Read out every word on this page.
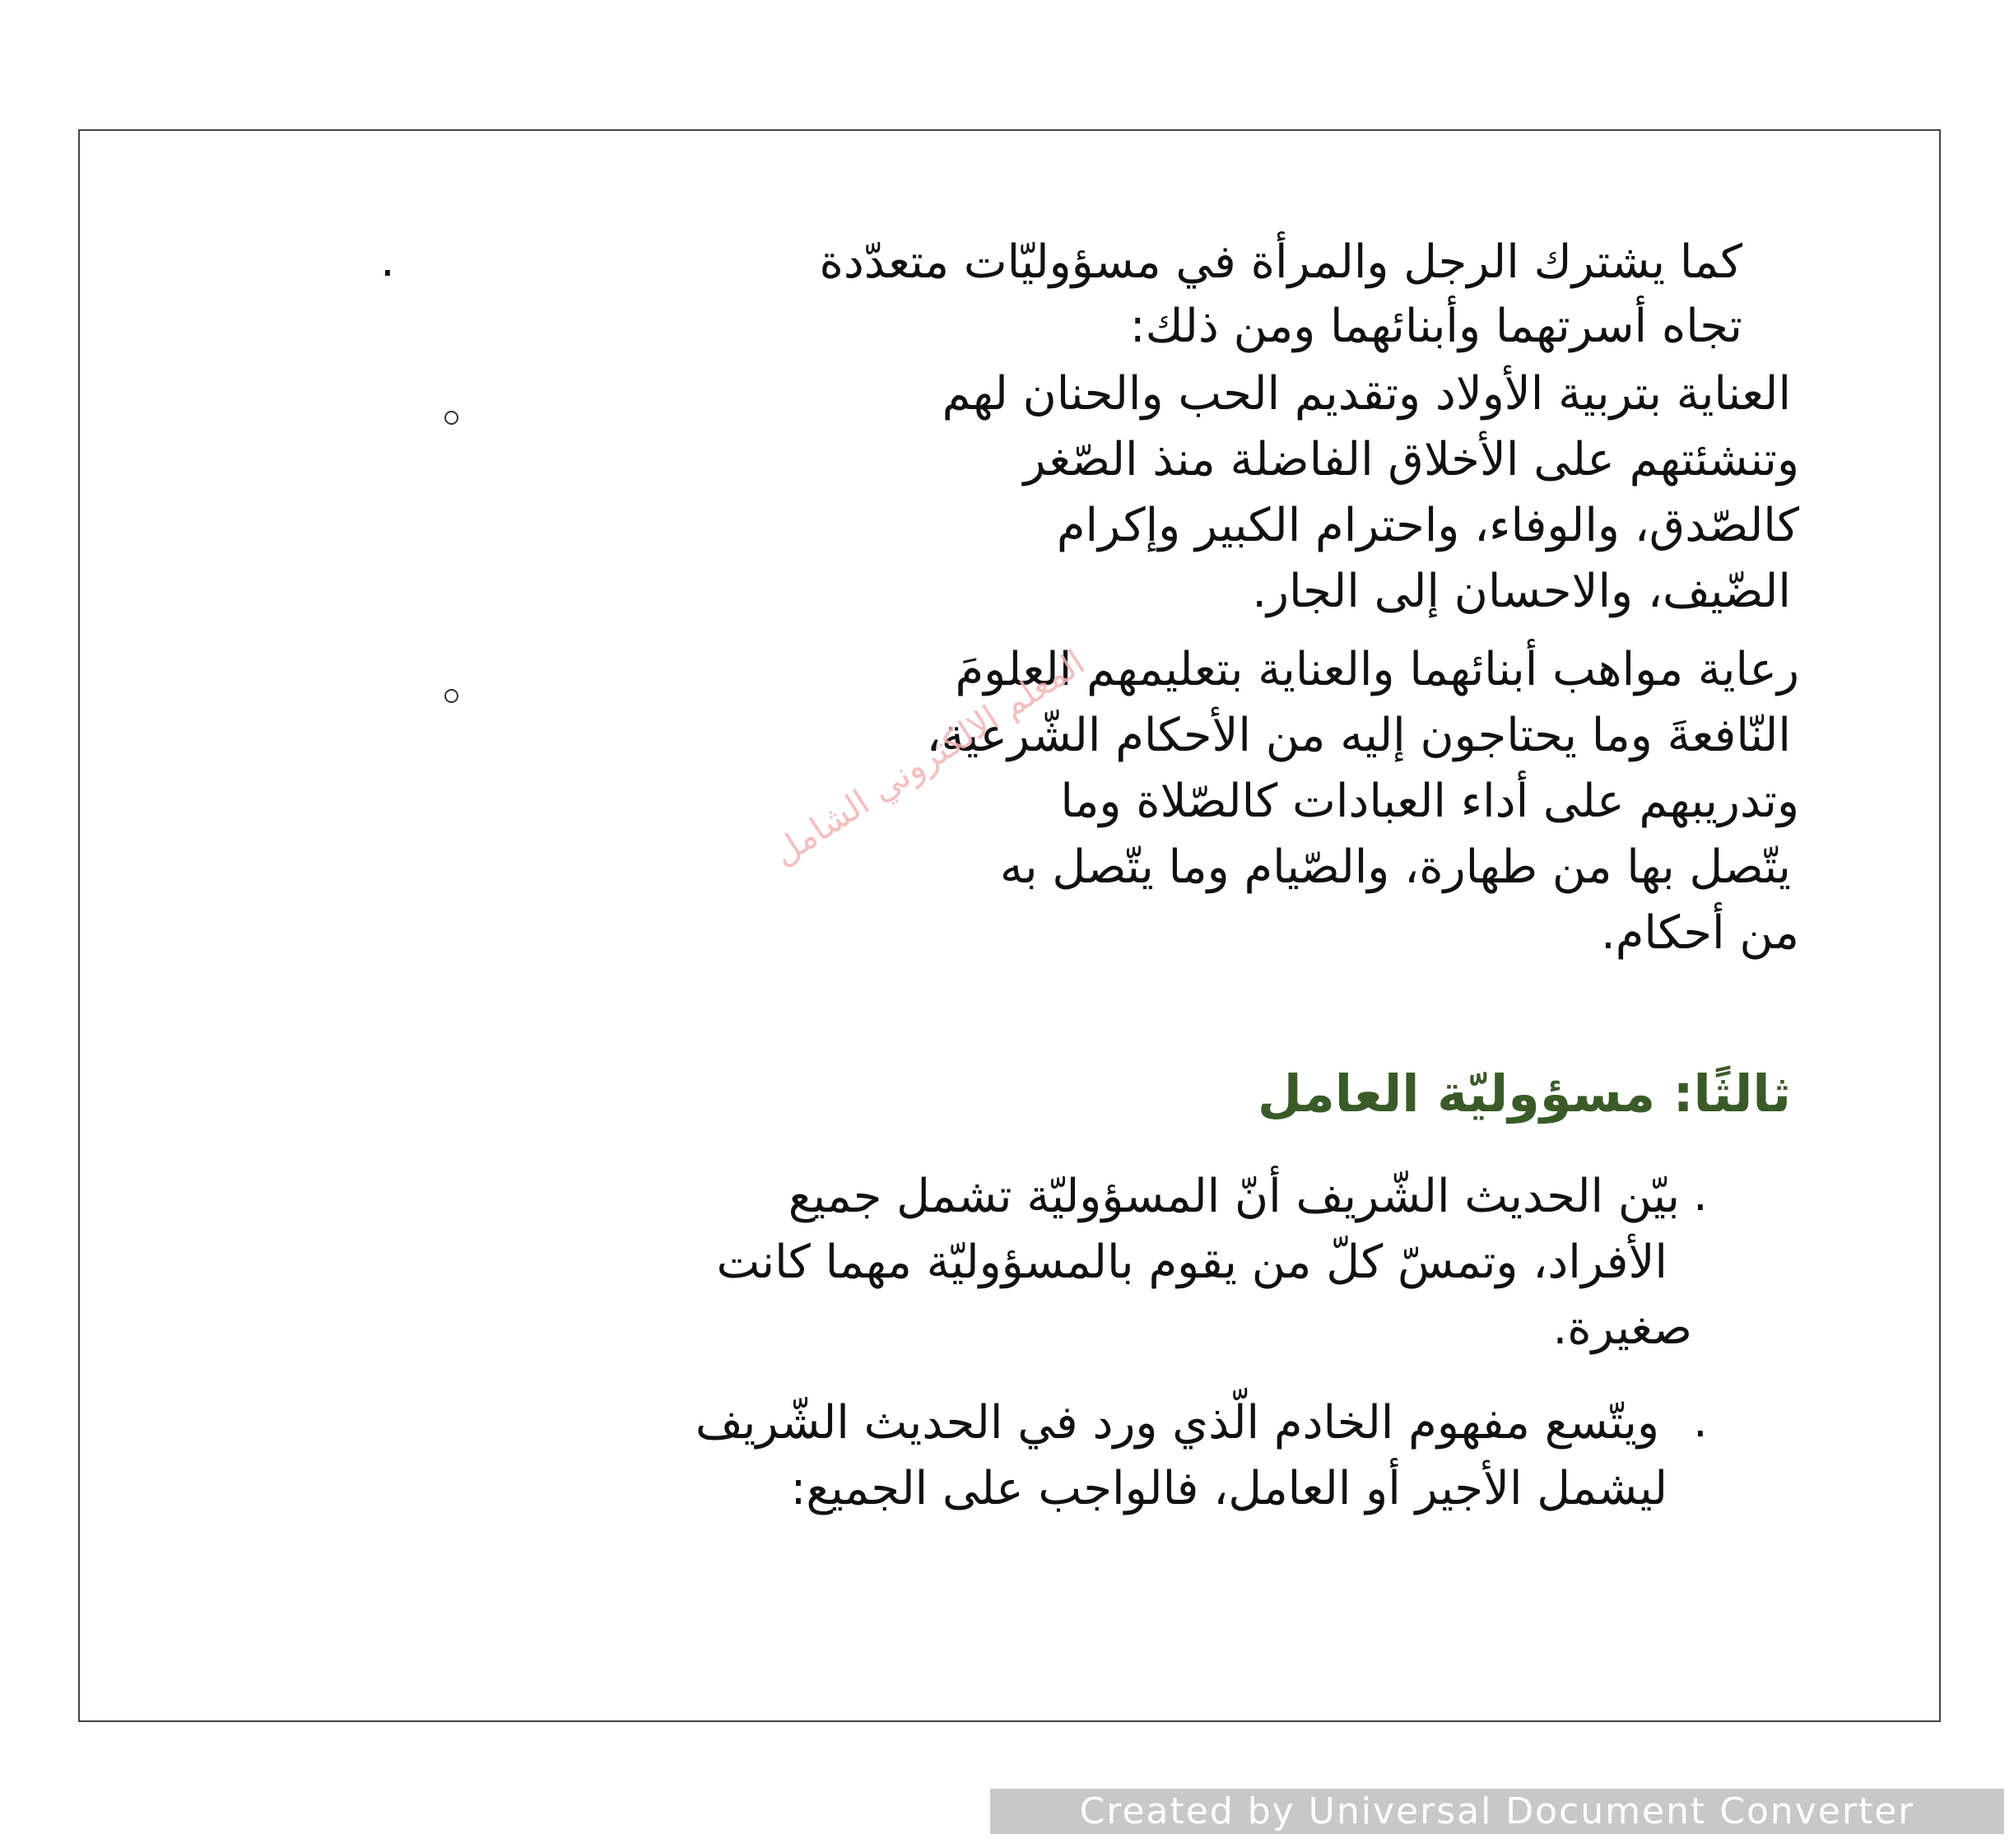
كما يشترك الرجل والمرأة في مسؤوليّات متعدّدة

تجاه أسرتهما وأبنائهما ومن ذلك:

.
العناية بتربية الأولاد وتقديم الحب والحنان لهم
وتنشئتهم على الأخلاق الفاضلة منذ الصّغر
كالصّدق، والوفاء، واحترام الكبير وإكرام
الضّيف، والاحسان إلى الجار.
رعاية مواهب أبنائهما والعناية بتعليمهم العلومَ
النّافعةَ وما يحتاجون إليه من الأحكام الشّرعية،
وتدريبهم على أداء العبادات كالصّلاة وما
يتّصل بها من طهارة، والصّيام وما يتّصل به
من أحكام.
ثالثًا: مسؤوليّة العامل
.
بيّن الحديث الشّريف أنّ المسؤوليّة تشمل جميع
الأفراد، وتمسّ كلّ من يقوم بالمسؤوليّة مهما كانت
صغيرة.
.
ويتّسع مفهوم الخادم الّذي ورد في الحديث الشّريف
ليشمل الأجير أو العامل، فالواجب على الجميع:
المعلم الالكتروني الشامل
Created by Universal Document Converter
